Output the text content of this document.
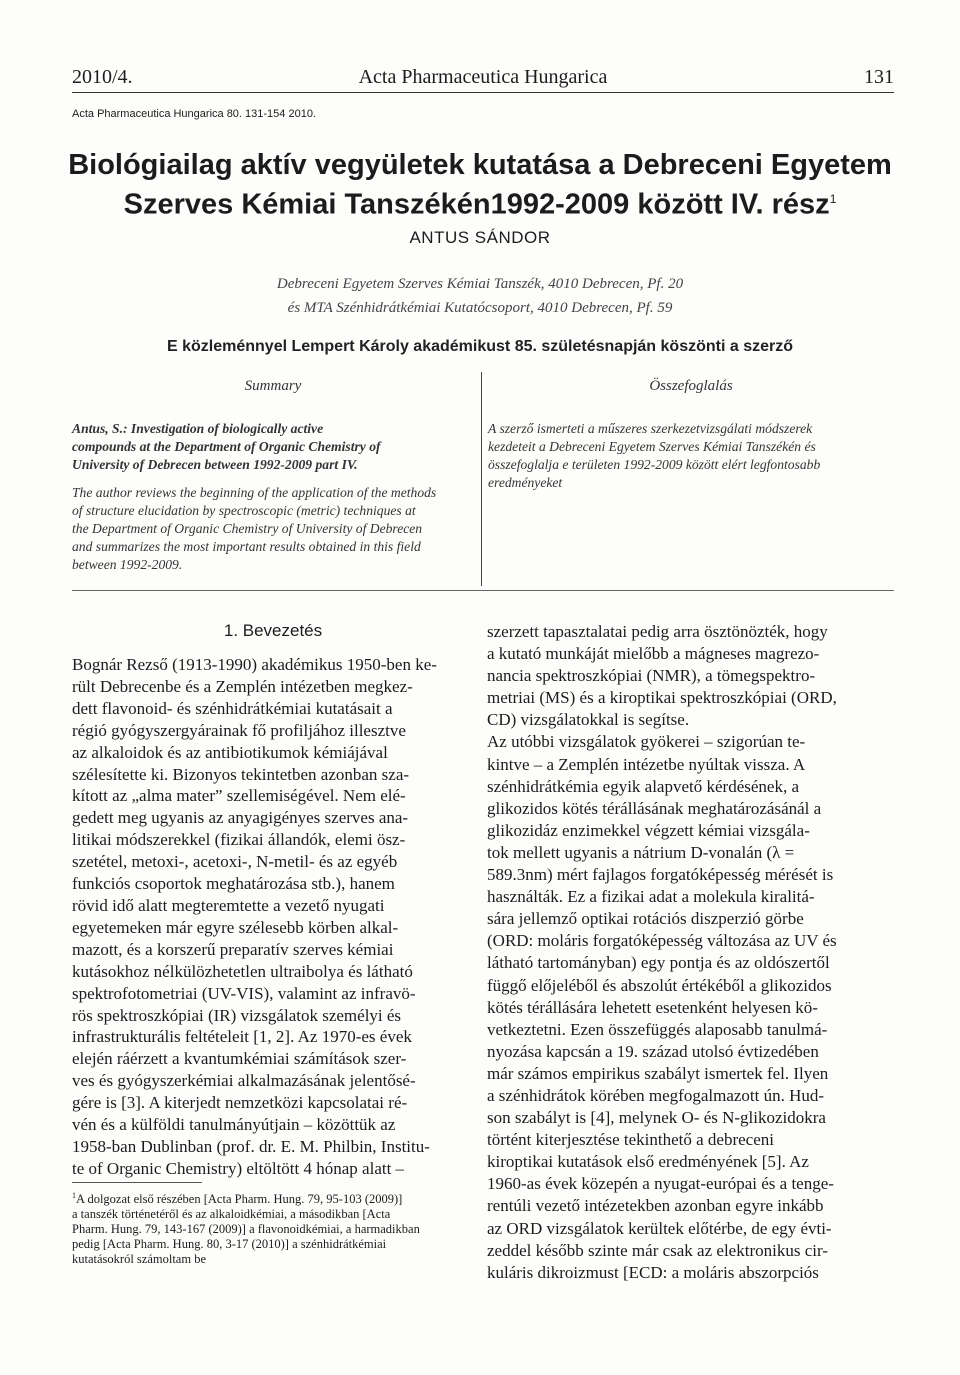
2010/4.	Acta Pharmaceutica Hungarica	131
Acta Pharmaceutica Hungarica 80. 131-154 2010.
Biológiailag aktív vegyületek kutatása a Debreceni Egyetem
Szerves Kémiai Tanszékén1992-2009 között IV. rész$^1$
ANTUS SÁNDOR
Debreceni Egyetem Szerves Kémiai Tanszék, 4010 Debrecen, Pf. 20
és MTA Szénhidrátkémiai Kutatócsoport, 4010 Debrecen, Pf. 59
E közleménnyel Lempert Károly akadémikust 85. születésnapján köszönti a szerző
Summary
Antus, S.: Investigation of biologically active
compounds at the Department of Organic Chemistry of
University of Debrecen between 1992-2009 part IV.
The author reviews the beginning of the application of the methods
of structure elucidation by spectroscopic (metric) techniques at
the Department of Organic Chemistry of University of Debrecen
and summarizes the most important results obtained in this field
between 1992-2009.
Összefoglalás
A szerző ismerteti a műszeres szerkezetvizsgálati módszerek
kezdeteit a Debreceni Egyetem Szerves Kémiai Tanszékén és
összefoglalja e területen 1992-2009 között elért legfontosabb
eredményeket
1. Bevezetés
Bognár Rezső (1913-1990) akadémikus 1950-ben ke-
rült Debrecenbe és a Zemplén intézetben megkez-
dett flavonoid- és szénhidrátkémiai kutatásait a
régió gyógyszergyárainak fő profiljához illesztve
az alkaloidok és az antibiotikumok kémiájával
szélesítette ki. Bizonyos tekintetben azonban sza-
kított az „alma mater” szellemiségével. Nem elé-
gedett meg ugyanis az anyagigényes szerves ana-
litikai módszerekkel (fizikai állandók, elemi ösz-
szetétel, metoxi-, acetoxi-, N-metil- és az egyéb
funkciós csoportok meghatározása stb.), hanem
rövid idő alatt megteremtette a vezető nyugati
egyetemeken már egyre szélesebb körben alkal-
mazott, és a korszerű preparatív szerves kémiai
kutásokhoz nélkülözhetetlen ultraibolya és látható
spektrofotometriai (UV-VIS), valamint az infravö-
rös spektroszkópiai (IR) vizsgálatok személyi és
infrastrukturális feltételeit [1, 2]. Az 1970-es évek
elején ráérzett a kvantumkémiai számítások szer-
ves és gyógyszerkémiai alkalmazásának jelentősé-
gére is [3]. A kiterjedt nemzetközi kapcsolatai ré-
vén és a külföldi tanulmányútjain – közöttük az
1958-ban Dublinban (prof. dr. E. M. Philbin, Institu-
te of Organic Chemistry) eltöltött 4 hónap alatt –
szerzett tapasztalatai pedig arra ösztönözték, hogy
a kutató munkáját mielőbb a mágneses magrezo-
nancia spektroszkópiai (NMR), a tömegspektro-
metriai (MS) és a kiroptikai spektroszkópiai (ORD,
CD) vizsgálatokkal is segítse.
Az utóbbi vizsgálatok gyökerei – szigorúan te-
kintve – a Zemplén intézetbe nyúltak vissza. A
szénhidrátkémia egyik alapvető kérdésének, a
glikozidos kötés térállásának meghatározásánál a
glikozidáz enzimekkel végzett kémiai vizsgála-
tok mellett ugyanis a nátrium D-vonalán (λ =
589.3nm) mért fajlagos forgatóképesség mérését is
használták. Ez a fizikai adat a molekula kiralitá-
sára jellemző optikai rotációs diszperzió görbe
(ORD: moláris forgatóképesség változása az UV és
látható tartományban) egy pontja és az oldószertől
függő előjeléből és abszolút értékéből a glikozidos
kötés térállására lehetett esetenként helyesen kö-
vetkeztetni. Ezen összefüggés alaposabb tanulmá-
nyozása kapcsán a 19. század utolsó évtizedében
már számos empirikus szabályt ismertek fel. Ilyen
a szénhidrátok körében megfogalmazott ún. Hud-
son szabályt is [4], melynek O- és N-glikozidokra
történt kiterjesztése tekinthető a debreceni
kiroptikai kutatások első eredményének [5]. Az
1960-as évek közepén a nyugat-európai és a tenge-
rentúli vezető intézetekben azonban egyre inkább
az ORD vizsgálatok kerültek előtérbe, de egy évti-
zeddel később szinte már csak az elektronikus cir-
kuláris dikroizmust [ECD: a moláris abszorpciós
$^1$A dolgozat első részében [Acta Pharm. Hung. 79, 95-103 (2009)]
a tanszék történetéről és az alkaloidkémiai, a másodikban [Acta
Pharm. Hung. 79, 143-167 (2009)] a flavonoidkémiai, a harmadikban
pedig [Acta Pharm. Hung. 80, 3-17 (2010)] a szénhidrátkémiai
kutatásokról számoltam be
